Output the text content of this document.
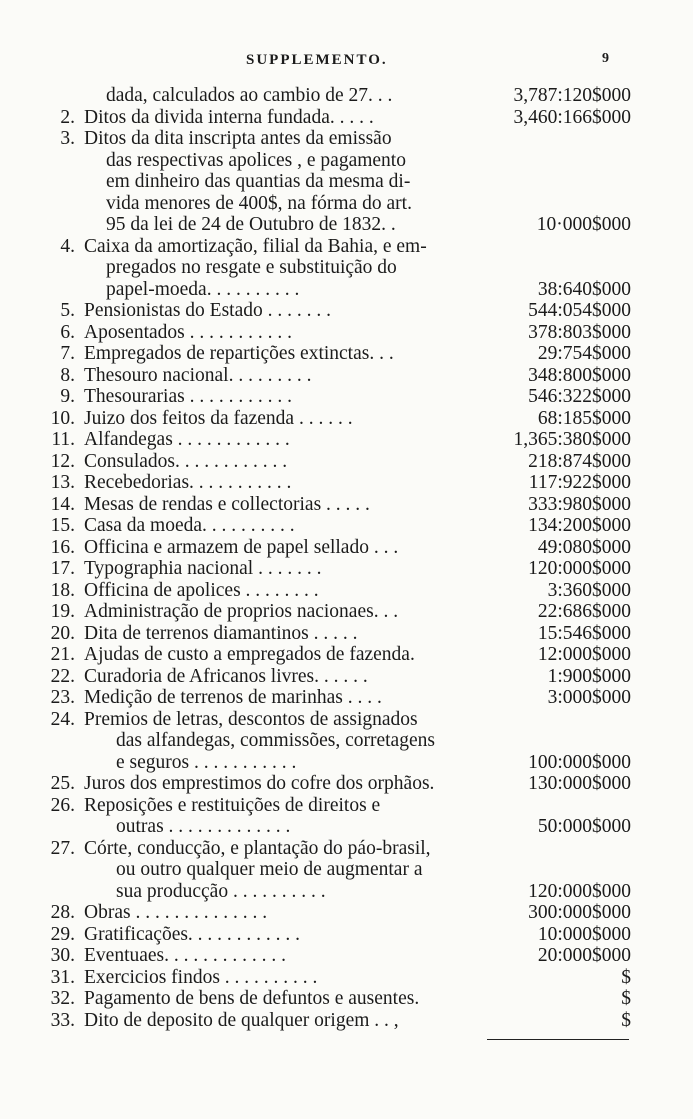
SUPPLEMENTO.	9
dada, calculados ao cambio de 27. . .	3,787:120$000
2. Ditos da divida interna fundada. . . . .	3,460:166$000
3. Ditos da dita inscripta antes da emissão
das respectivas apolices , e pagamento
em dinheiro das quantias da mesma di-
vida menores de 400$, na fórma do art.
95 da lei de 24 de Outubro de 1832. .	10·000$000
4. Caixa da amortização, filial da Bahia, e em-
pregados no resgate e substituição do
papel-moeda. . . . . . . . . .	38:640$000
5. Pensionistas do Estado . . . . . . .	544:054$000
6. Aposentados . . . . . . . . . . .	378:803$000
7. Empregados de repartições extinctas. . .	29:754$000
8. Thesouro nacional. . . . . . . . .	348:800$000
9. Thesourarias . . . . . . . . . . .	546:322$000
10. Juizo dos feitos da fazenda . . . . . .	68:185$000
11. Alfandegas . . . . . . . . . . . .	1,365:380$000
12. Consulados. . . . . . . . . . . .	218:874$000
13. Recebedorias. . . . . . . . . . .	117:922$000
14. Mesas de rendas e collectorias . . . . .	333:980$000
15. Casa da moeda. . . . . . . . . .	134:200$000
16. Officina e armazem de papel sellado . . .	49:080$000
17. Typographia nacional . . . . . . .	120:000$000
18. Officina de apolices . . . . . . . .	3:360$000
19. Administração de proprios nacionaes. . .	22:686$000
20. Dita de terrenos diamantinos . . . . .	15:546$000
21. Ajudas de custo a empregados de fazenda.	12:000$000
22. Curadoria de Africanos livres. . . . . .	1:900$000
23. Medição de terrenos de marinhas . . . .	3:000$000
24. Premios de letras, descontos de assignados
das alfandegas, commissões, corretagens
e seguros . . . . . . . . . . .	100:000$000
25. Juros dos emprestimos do cofre dos orphãos.	130:000$000
26. Reposições e restituições de direitos e
outras . . . . . . . . . . . . .	50:000$000
27. Córte, conducção, e plantação do páo-brasil,
ou outro qualquer meio de augmentar a
sua producção . . . . . . . . . .	120:000$000
28. Obras . . . . . . . . . . . . . .	300:000$000
29. Gratificações. . . . . . . . . . . .	10:000$000
30. Eventuaes. . . . . . . . . . . . .	20:000$000
31. Exercicios findos . . . . . . . . . .	$
32. Pagamento de bens de defuntos e ausentes.	$
33. Dito de deposito de qualquer origem . . ,	$
